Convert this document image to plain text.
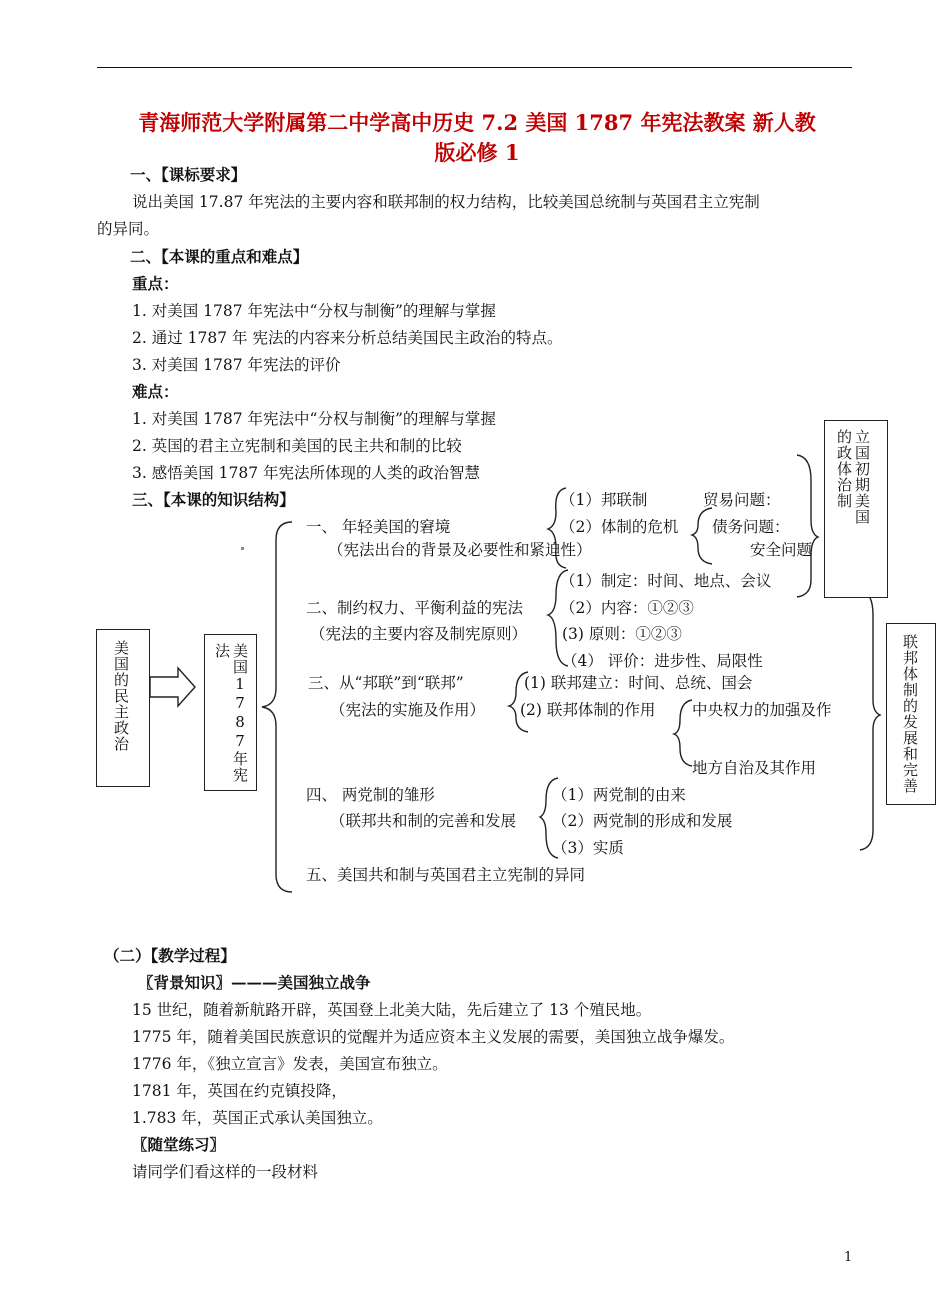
青海师范大学附属第二中学高中历史 7.2 美国 1787 年宪法教案 新人教
版必修 1
一、【课标要求】
说出美国 17.87 年宪法的主要内容和联邦制的权力结构，比较美国总统制与英国君主立宪制
的异同。
二、【本课的重点和难点】
重点：
1. 对美国 1787 年宪法中“分权与制衡”的理解与掌握
2. 通过 1787 年 宪法的内容来分析总结美国民主政治的特点。
3. 对美国 1787 年宪法的评价
难点：
1. 对美国 1787 年宪法中“分权与制衡”的理解与掌握
2. 英国的君主立宪制和美国的民主共和制的比较
3. 感悟美国 1787 年宪法所体现的人类的政治智慧
三、【本课的知识结构】
美国的民主政治	美国1787年宪法
立国初期美国的政体治制
联邦体制的发展和完善
一、 年轻美国的窘境
（宪法出台的背景及必要性和紧迫性）
（1）邦联制
（2）体制的危机
贸易问题：
债务问题：
安全问题
二、制约权力、平衡利益的宪法
（宪法的主要内容及制宪原则）
（1）制定：时间、地点、会议
（2）内容：①②③
(3) 原则：①②③
（4） 评价：进步性、局限性
三、从“邦联”到“联邦”
（宪法的实施及作用）
(1) 联邦建立：时间、总统、国会
(2) 联邦体制的作用 中央权力的加强及作
地方自治及其作用
四、 两党制的雏形
（联邦共和制的完善和发展
（1）两党制的由来
（2）两党制的形成和发展
（3）实质
五、美国共和制与英国君主立宪制的异同
（二）【教学过程】
〖背景知识〗———美国独立战争
15 世纪，随着新航路开辟，英国登上北美大陆，先后建立了 13 个殖民地。
1775 年，随着美国民族意识的觉醒并为适应资本主义发展的需要，美国独立战争爆发。
1776 年，《独立宣言》发表，美国宣布独立。
1781 年，英国在约克镇投降，
1.783 年，英国正式承认美国独立。
〖随堂练习〗
请同学们看这样的一段材料
1
